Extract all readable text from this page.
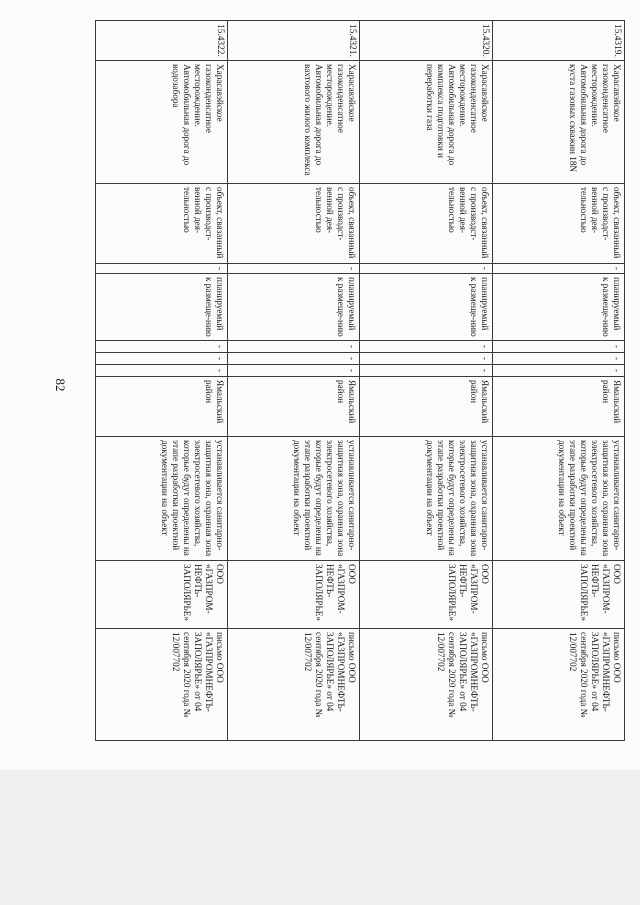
82
15.4319.	Харасавэйское газоконденсатное месторождение. Автомобильная дорога до куста газовых скважин 18N	объект, связанный с производст-венной дея-тельностью	-	планируемый к размеще-нию	-	-	-	Ямальский район	устанавливается санитарно-защитная зона, охранная зона электросетевого хозяйства, которые будут определены на этапе разработки проектной документации на объект	ООО «ГАЗПРОМ-НЕФТЬ-ЗАПОЛЯРЬЕ»	письмо ООО «ГАЗПРОМНЕФТЬ-ЗАПОЛЯРЬЕ» от 04 сентября 2020 года № 12/007702
15.4320.	Харасавэйское газоконденсатное месторождение. Автомобильная дорога до комплекса подготовки и переработки газа	объект, связанный с производст-венной дея-тельностью	-	планируемый к размеще-нию	-	-	-	Ямальский район	устанавливается санитарно-защитная зона, охранная зона электросетевого хозяйства, которые будут определены на этапе разработки проектной документации на объект	ООО «ГАЗПРОМ-НЕФТЬ-ЗАПОЛЯРЬЕ»	письмо ООО «ГАЗПРОМНЕФТЬ-ЗАПОЛЯРЬЕ» от 04 сентября 2020 года № 12/007702
15.4321.	Харасавэйское газоконденсатное месторождение. Автомобильная дорога до вахтового жилого комплекса	объект, связанный с производст-венной дея-тельностью	-	планируемый к размеще-нию	-	-	-	Ямальский район	устанавливается санитарно-защитная зона, охранная зона электросетевого хозяйства, которые будут определены на этапе разработки проектной документации на объект	ООО «ГАЗПРОМ-НЕФТЬ-ЗАПОЛЯРЬЕ»	письмо ООО «ГАЗПРОМНЕФТЬ-ЗАПОЛЯРЬЕ» от 04 сентября 2020 года № 12/007702
15.4322.	Харасавэйское газоконденсатное месторождение. Автомобильная дорога до водозабора	объект, связанный с производст-венной дея-тельностью	-	планируемый к размеще-нию	-	-	-	Ямальский район	устанавливается санитарно-защитная зона, охранная зона электросетевого хозяйства, которые будут определены на этапе разработки проектной документации на объект	ООО «ГАЗПРОМ-НЕФТЬ-ЗАПОЛЯРЬЕ»	письмо ООО «ГАЗПРОМНЕФТЬ-ЗАПОЛЯРЬЕ» от 04 сентября 2020 года № 12/007702
